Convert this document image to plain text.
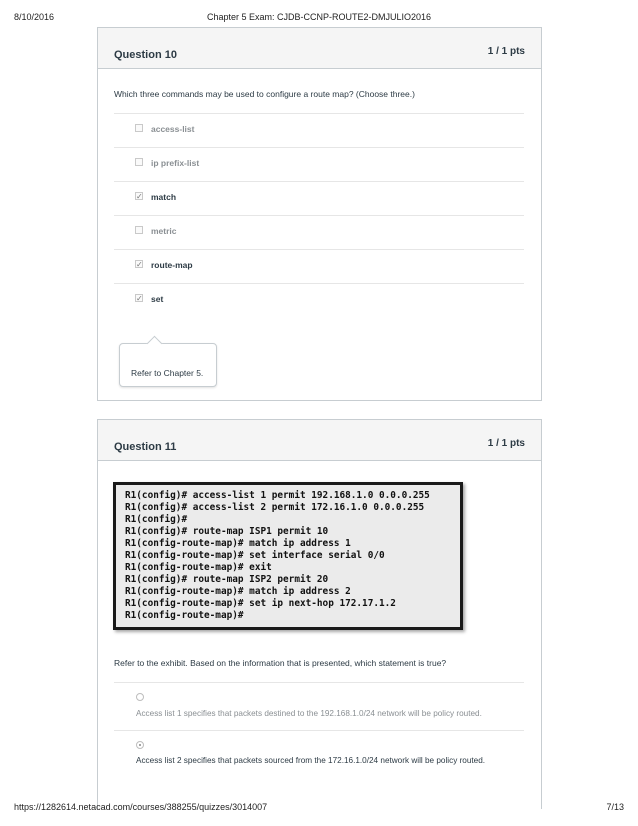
8/10/2016	Chapter 5 Exam: CJDB-CCNP-ROUTE2-DMJULIO2016
Question 10	1 / 1 pts
Which three commands may be used to configure a route map? (Choose three.)
access-list
ip prefix-list
✓ match
metric
✓ route-map
✓ set
Refer to Chapter 5.
Question 11	1 / 1 pts
Refer to the exhibit. Based on the information that is presented, which statement is true?
Access list 1 specifies that packets destined to the 192.168.1.0/24 network will be policy routed.
Access list 2 specifies that packets sourced from the 172.16.1.0/24 network will be policy routed.
R1(config)# access-list 1 permit 192.168.1.0 0.0.0.255
R1(config)# access-list 2 permit 172.16.1.0 0.0.0.255
R1(config)#
R1(config)# route-map ISP1 permit 10
R1(config-route-map)# match ip address 1
R1(config-route-map)# set interface serial 0/0
R1(config-route-map)# exit
R1(config)# route-map ISP2 permit 20
R1(config-route-map)# match ip address 2
R1(config-route-map)# set ip next-hop 172.17.1.2
R1(config-route-map)#
https://1282614.netacad.com/courses/388255/quizzes/3014007	7/13
